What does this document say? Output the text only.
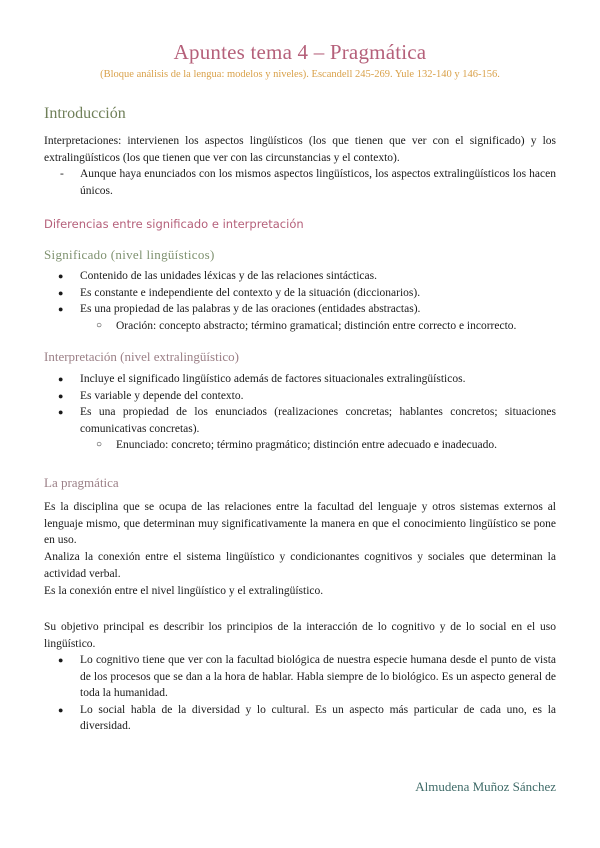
Apuntes tema 4 – Pragmática
(Bloque análisis de la lengua: modelos y niveles). Escandell 245-269. Yule 132-140 y 146-156.
Introducción
Interpretaciones: intervienen los aspectos lingüísticos (los que tienen que ver con el significado) y los extralingüísticos (los que tienen que ver con las circunstancias y el contexto).
- Aunque haya enunciados con los mismos aspectos lingüísticos, los aspectos extralingüísticos los hacen únicos.
Diferencias entre significado e interpretación
Significado (nivel lingüísticos)
● Contenido de las unidades léxicas y de las relaciones sintácticas.
● Es constante e independiente del contexto y de la situación (diccionarios).
● Es una propiedad de las palabras y de las oraciones (entidades abstractas).
○ Oración: concepto abstracto; término gramatical; distinción entre correcto e incorrecto.
Interpretación (nivel extralingüístico)
● Incluye el significado lingüístico además de factores situacionales extralingüísticos.
● Es variable y depende del contexto.
● Es una propiedad de los enunciados (realizaciones concretas; hablantes concretos; situaciones comunicativas concretas).
○ Enunciado: concreto; término pragmático; distinción entre adecuado e inadecuado.
La pragmática
Es la disciplina que se ocupa de las relaciones entre la facultad del lenguaje y otros sistemas externos al lenguaje mismo, que determinan muy significativamente la manera en que el conocimiento lingüístico se pone en uso.
Analiza la conexión entre el sistema lingüístico y condicionantes cognitivos y sociales que determinan la actividad verbal.
Es la conexión entre el nivel lingüístico y el extralingüístico.
Su objetivo principal es describir los principios de la interacción de lo cognitivo y de lo social en el uso lingüístico.
● Lo cognitivo tiene que ver con la facultad biológica de nuestra especie humana desde el punto de vista de los procesos que se dan a la hora de hablar. Habla siempre de lo biológico. Es un aspecto general de toda la humanidad.
● Lo social habla de la diversidad y lo cultural. Es un aspecto más particular de cada uno, es la diversidad.
Almudena Muñoz Sánchez
